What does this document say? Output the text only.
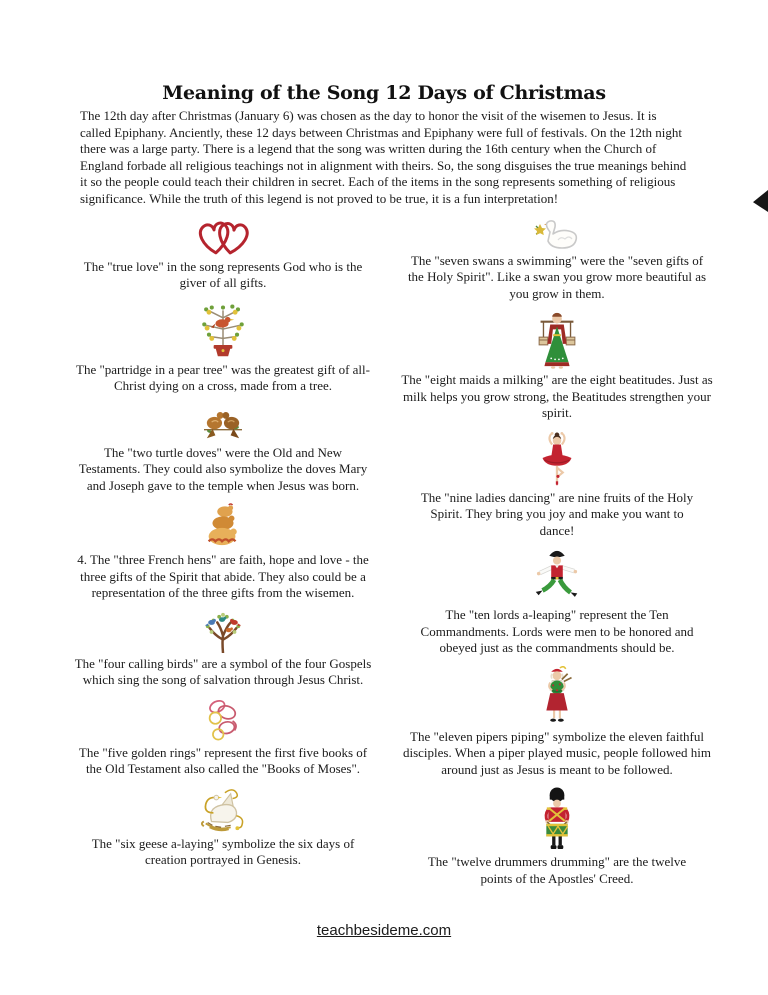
Meaning of the Song 12 Days of Christmas

The 12th day after Christmas (January 6) was chosen as the day to honor the visit of the wisemen to Jesus. It is called Epiphany. Anciently, these 12 days between Christmas and Epiphany were full of festivals. On the 12th night there was a large party. There is a legend that the song was written during the 16th century when the Church of England forbade all religious teachings not in alignment with theirs. So, the song disguises the true meanings behind it so the people could teach their children in secret. Each of the items in the song represents something of religious significance. While the truth of this legend is not proved to be true, it is a fun interpretation!

The "true love" in the song represents God who is the giver of all gifts.
The "partridge in a pear tree" was the greatest gift of all- Christ dying on a cross, made from a tree.
The "two turtle doves" were the Old and New Testaments. They could also symbolize the doves Mary and Joseph gave to the temple when Jesus was born.
4. The "three French hens" are faith, hope and love - the three gifts of the Spirit that abide. They also could be a representation of the three gifts from the wisemen.
The "four calling birds" are a symbol of the four Gospels which sing the song of salvation through Jesus Christ.
The "five golden rings" represent the first five books of the Old Testament also called the "Books of Moses".
The "six geese a-laying" symbolize the six days of creation portrayed in Genesis.
The "seven swans a swimming" were the "seven gifts of the Holy Spirit". Like a swan you grow more beautiful as you grow in them.
The "eight maids a milking" are the eight beatitudes. Just as milk helps you grow strong, the Beatitudes strengthen your spirit.
The "nine ladies dancing" are nine fruits of the Holy Spirit. They bring you joy and make you want to dance!
The "ten lords a-leaping" represent the Ten Commandments. Lords were men to be honored and obeyed just as the commandments should be.
The "eleven pipers piping" symbolize the eleven faithful disciples. When a piper played music, people followed him around just as Jesus is meant to be followed.
The "twelve drummers drumming" are the twelve points of the Apostles' Creed.
teachbesideme.com
